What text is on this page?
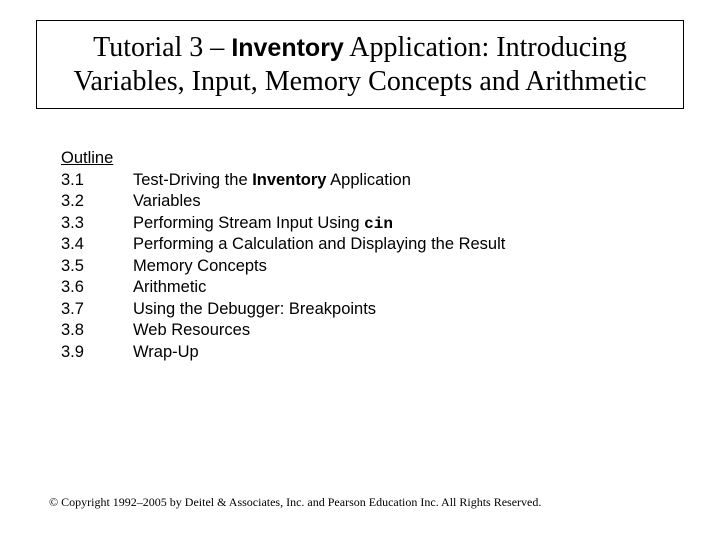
Tutorial 3 – Inventory Application: Introducing
Variables, Input, Memory Concepts and Arithmetic
Outline
3.1	Test-Driving the Inventory Application
3.2	Variables
3.3	Performing Stream Input Using cin
3.4	Performing a Calculation and Displaying the Result
3.5	Memory Concepts
3.6	Arithmetic
3.7	Using the Debugger: Breakpoints
3.8	Web Resources
3.9	Wrap-Up
© Copyright 1992–2005 by Deitel & Associates, Inc. and Pearson Education Inc. All Rights Reserved.
